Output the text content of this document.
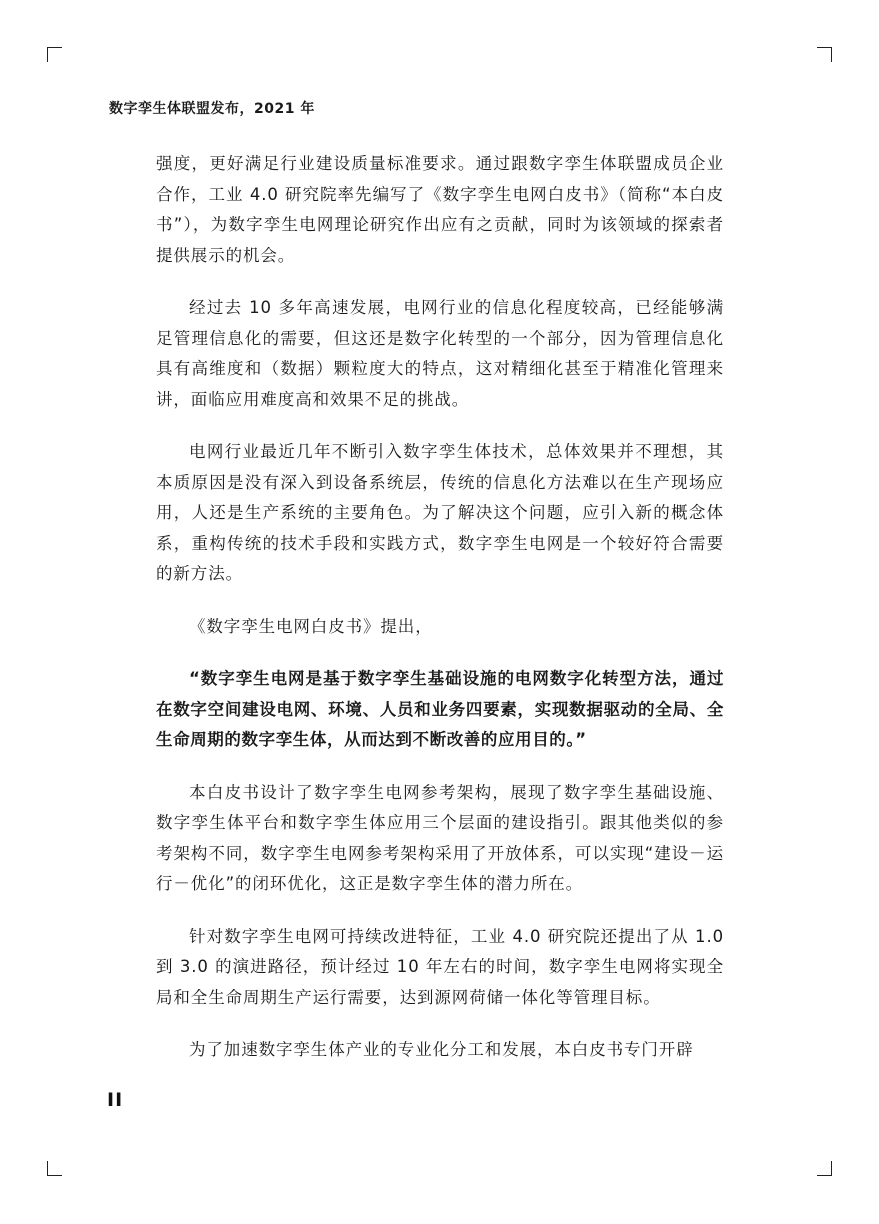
数字孪生体联盟发布，2021 年

强度，更好满足行业建设质量标准要求。通过跟数字孪生体联盟成员企业合作，工业 4.0 研究院率先编写了《数字孪生电网白皮书》（简称“本白皮书”），为数字孪生电网理论研究作出应有之贡献，同时为该领域的探索者提供展示的机会。

经过去 10 多年高速发展，电网行业的信息化程度较高，已经能够满足管理信息化的需要，但这还是数字化转型的一个部分，因为管理信息化具有高维度和（数据）颗粒度大的特点，这对精细化甚至于精准化管理来讲，面临应用难度高和效果不足的挑战。

电网行业最近几年不断引入数字孪生体技术，总体效果并不理想，其本质原因是没有深入到设备系统层，传统的信息化方法难以在生产现场应用，人还是生产系统的主要角色。为了解决这个问题，应引入新的概念体系，重构传统的技术手段和实践方式，数字孪生电网是一个较好符合需要的新方法。

《数字孪生电网白皮书》提出，

“数字孪生电网是基于数字孪生基础设施的电网数字化转型方法，通过在数字空间建设电网、环境、人员和业务四要素，实现数据驱动的全局、全生命周期的数字孪生体，从而达到不断改善的应用目的。”

本白皮书设计了数字孪生电网参考架构，展现了数字孪生基础设施、数字孪生体平台和数字孪生体应用三个层面的建设指引。跟其他类似的参考架构不同，数字孪生电网参考架构采用了开放体系，可以实现“建设－运行－优化”的闭环优化，这正是数字孪生体的潜力所在。

针对数字孪生电网可持续改进特征，工业 4.0 研究院还提出了从 1.0 到 3.0 的演进路径，预计经过 10 年左右的时间，数字孪生电网将实现全局和全生命周期生产运行需要，达到源网荷储一体化等管理目标。

为了加速数字孪生体产业的专业化分工和发展，本白皮书专门开辟

II
